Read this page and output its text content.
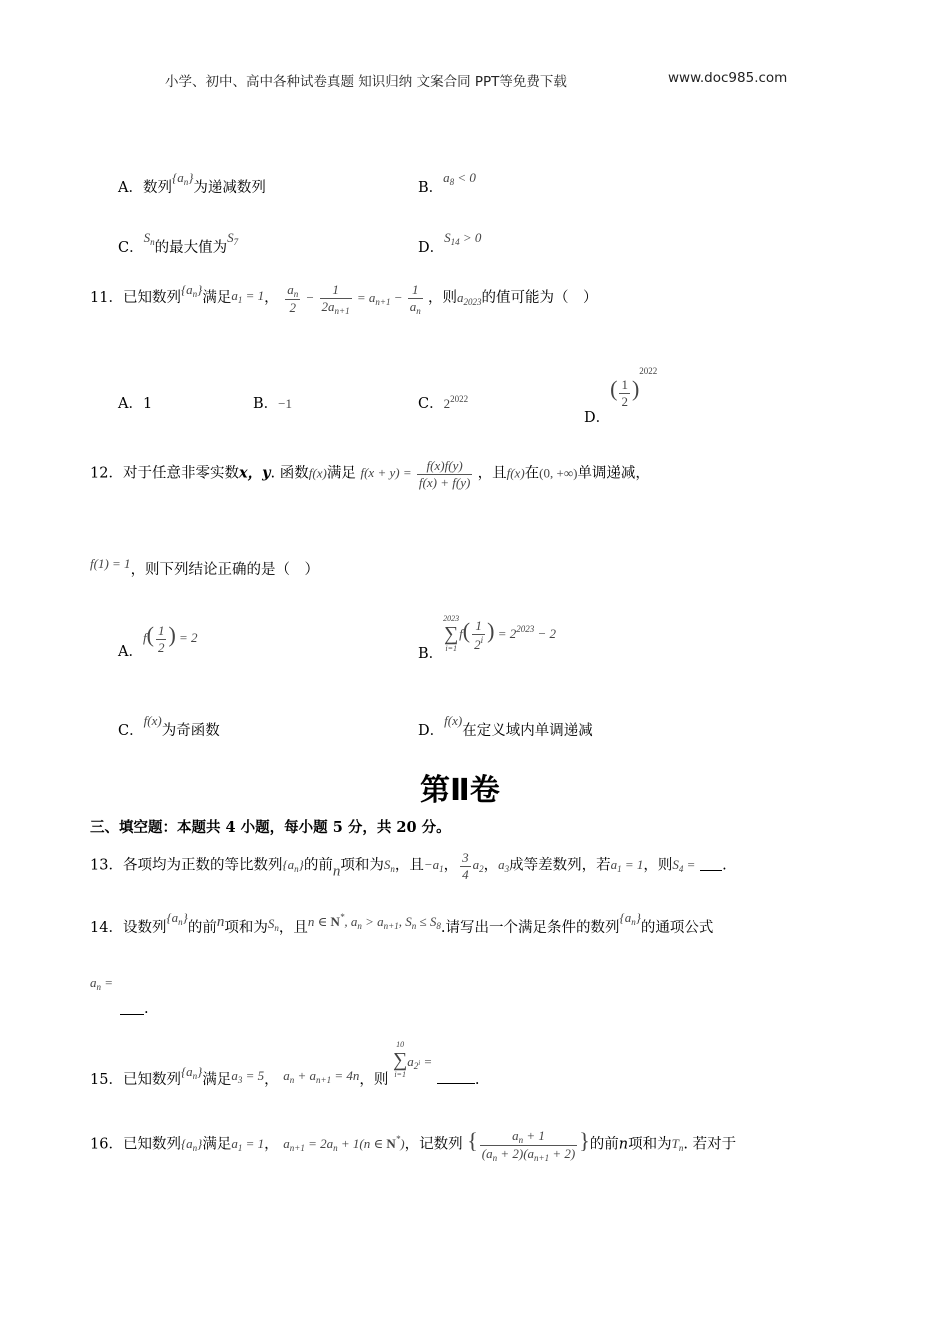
小学、初中、高中各种试卷真题 知识归纳 文案合同 PPT等免费下载	www.doc985.com
A．数列$\{a_n\}$为递减数列	B．$a_8 < 0$
C．$S_n$的最大值为$S_7$	D．$S_{14} > 0$
11．已知数列$\{a_n\}$满足$a_1 = 1$， $\frac{a_n}{2} - \frac{1}{2a_{n+1}} = a_{n+1} - \frac{1}{a_n}$ ，则$a_{2023}$的值可能为（　）
A．1	B．−1	C．$2^{2022}$
D．( $\frac{1}{2} )^{2022}$
12．对于任意非零实数x，y. 函数f(x)满足 $f(x + y) = \frac{f(x)f(y)}{f(x) + f(y)}$ ，且f(x)在(0, +∞)单调递减，
f(1) = 1，则下列结论正确的是（　）
A．$f( \frac{1}{2}$ ) = 2
B．
2023
∑
i=1
$f( \frac{1}{2^i}$ ) = $2^{2023} - 2$
C．f(x)为奇函数	D．f(x)在定义域内单调递减
第Ⅱ卷
三、填空题：本题共 4 小题，每小题 5 分，共 20 分。
13．各项均为正数的等比数列$\{a_n\}$的前n项和为$S_n$，且$-a_1$， $\frac{3}{4} a_2$，$a_3$成等差数列，若$a_1 = 1$，则$S_4$ = .
14．设数列$\{a_n\}$的前n项和为$S_n$，且n ∈ N*, $a_n > a_{n+1}$, $S_n \le S_8$.请写出一个满足条件的数列$\{a_n\}$的通项公式
$a_n$ =
.
15．已知数列$\{a_n\}$满足$a_3 = 5$， $a_n + a_{n+1} = 4n$，则
10
∑
i=1
$a_{2^i}$ = .
16．已知数列$\{a_n\}$满足$a_1 = 1$， $a_{n+1} = 2a_n + 1(n$ ∈ N*)，记数列 { $\frac{a_n + 1}{(a_n + 2)(a_{n+1} + 2)}$ }的前n项和为$T_n$. 若对于
